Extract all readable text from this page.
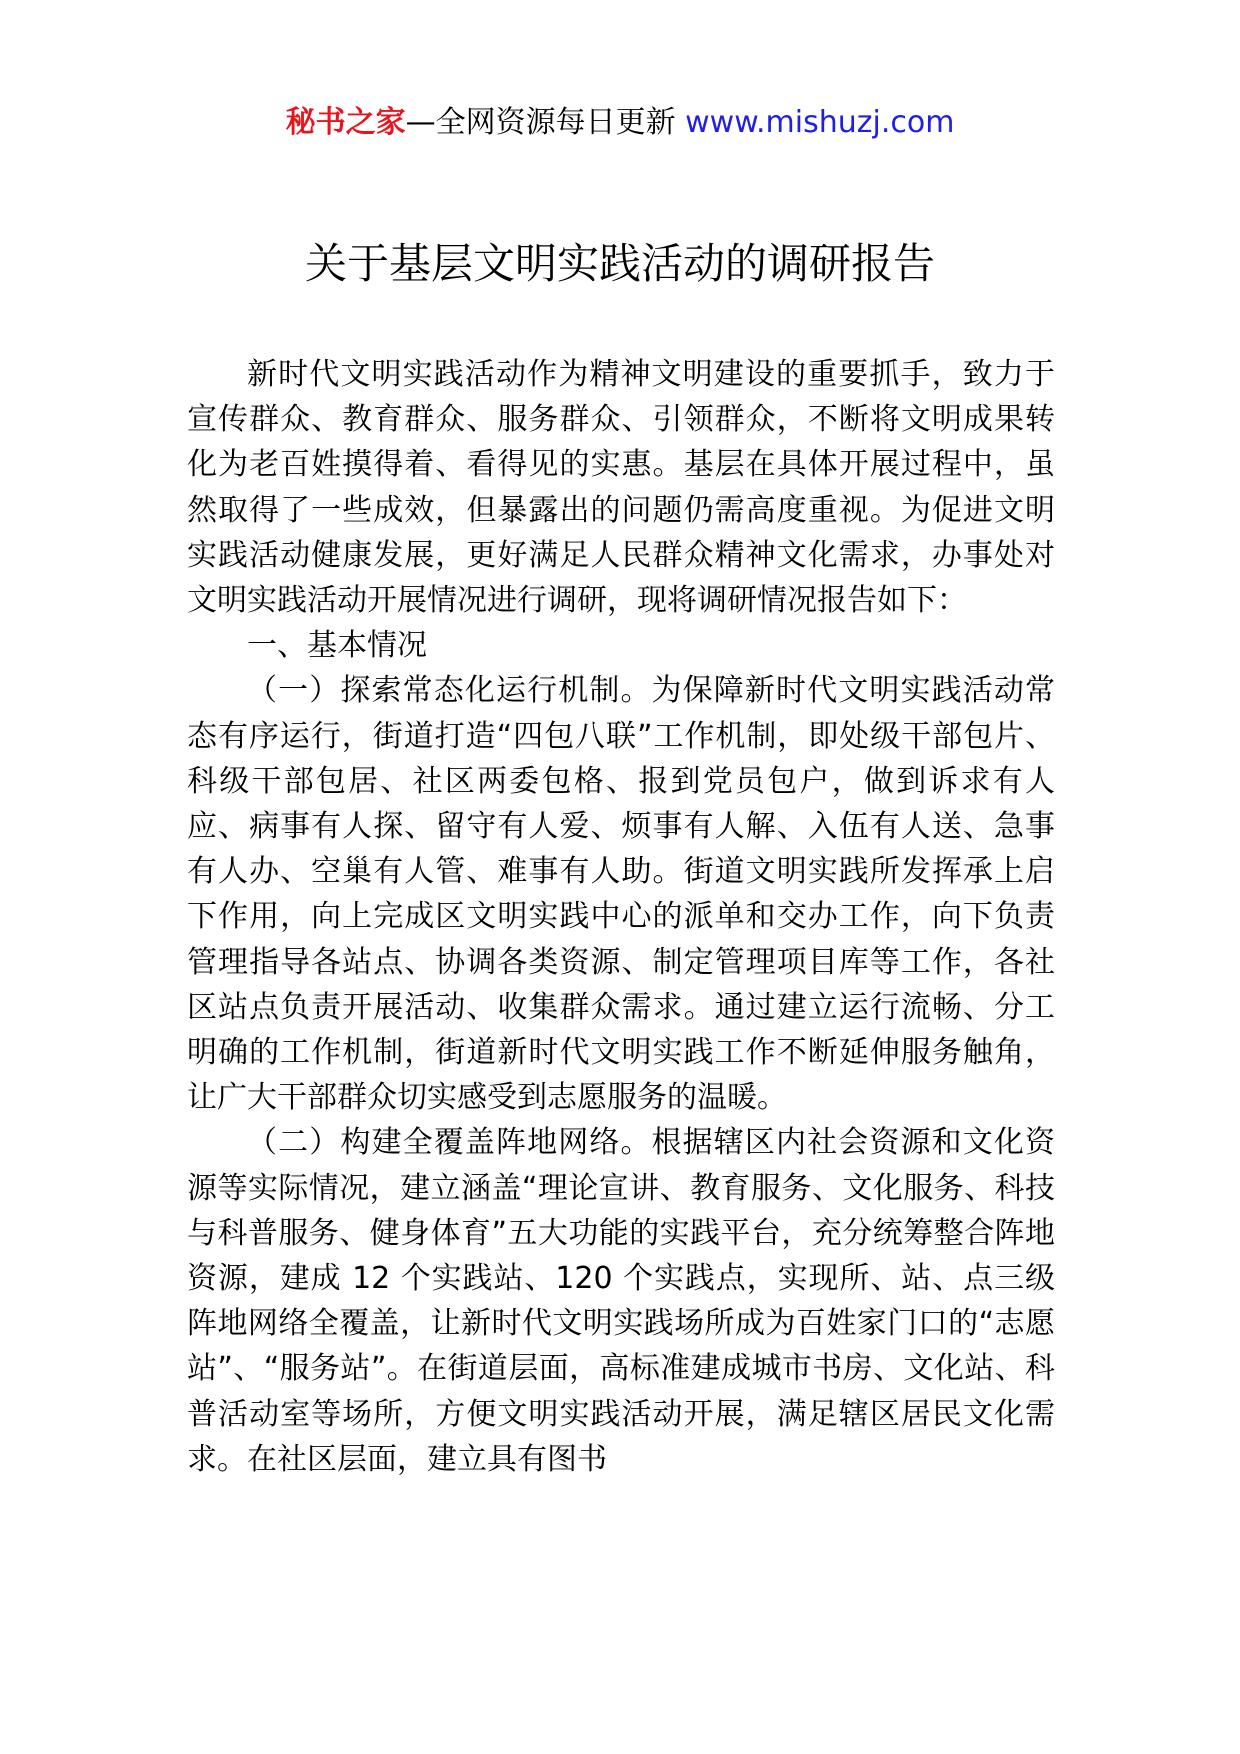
秘书之家—全网资源每日更新 www.mishuzj.com
关于基层文明实践活动的调研报告

新时代文明实践活动作为精神文明建设的重要抓手，致力于宣传群众、教育群众、服务群众、引领群众，不断将文明成果转化为老百姓摸得着、看得见的实惠。基层在具体开展过程中，虽然取得了一些成效，但暴露出的问题仍需高度重视。为促进文明实践活动健康发展，更好满足人民群众精神文化需求，办事处对文明实践活动开展情况进行调研，现将调研情况报告如下：

一、基本情况

（一）探索常态化运行机制。为保障新时代文明实践活动常态有序运行，街道打造“四包八联”工作机制，即处级干部包片、科级干部包居、社区两委包格、报到党员包户，做到诉求有人应、病事有人探、留守有人爱、烦事有人解、入伍有人送、急事有人办、空巢有人管、难事有人助。街道文明实践所发挥承上启下作用，向上完成区文明实践中心的派单和交办工作，向下负责管理指导各站点、协调各类资源、制定管理项目库等工作，各社区站点负责开展活动、收集群众需求。通过建立运行流畅、分工明确的工作机制，街道新时代文明实践工作不断延伸服务触角，让广大干部群众切实感受到志愿服务的温暖。

（二）构建全覆盖阵地网络。根据辖区内社会资源和文化资源等实际情况，建立涵盖“理论宣讲、教育服务、文化服务、科技与科普服务、健身体育”五大功能的实践平台，充分统筹整合阵地资源，建成 12 个实践站、120 个实践点，实现所、站、点三级阵地网络全覆盖，让新时代文明实践场所成为百姓家门口的“志愿站”、“服务站”。在街道层面，高标准建成城市书房、文化站、科普活动室等场所，方便文明实践活动开展，满足辖区居民文化需求。在社区层面，建立具有图书
